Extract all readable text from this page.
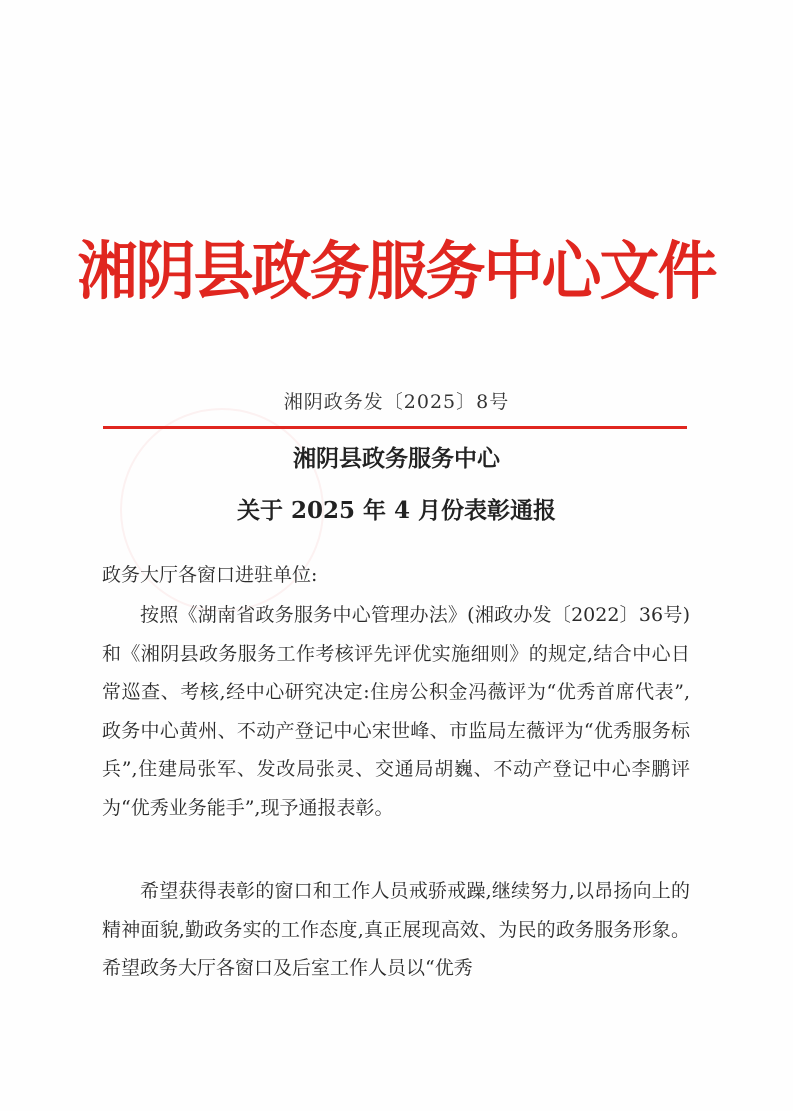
湘阴县政务服务中心文件
湘阴政务发〔2025〕8号
湘阴县政务服务中心
关于 2025 年 4 月份表彰通报
政务大厅各窗口进驻单位:
按照《湖南省政务服务中心管理办法》(湘政办发〔2022〕36号)和《湘阴县政务服务工作考核评先评优实施细则》的规定,结合中心日常巡查、考核,经中心研究决定:住房公积金冯薇评为“优秀首席代表”,政务中心黄州、不动产登记中心宋世峰、市监局左薇评为“优秀服务标兵”,住建局张军、发改局张灵、交通局胡巍、不动产登记中心李鹏评为“优秀业务能手”,现予通报表彰。
希望获得表彰的窗口和工作人员戒骄戒躁,继续努力,以昂扬向上的精神面貌,勤政务实的工作态度,真正展现高效、为民的政务服务形象。希望政务大厅各窗口及后室工作人员以“优秀
